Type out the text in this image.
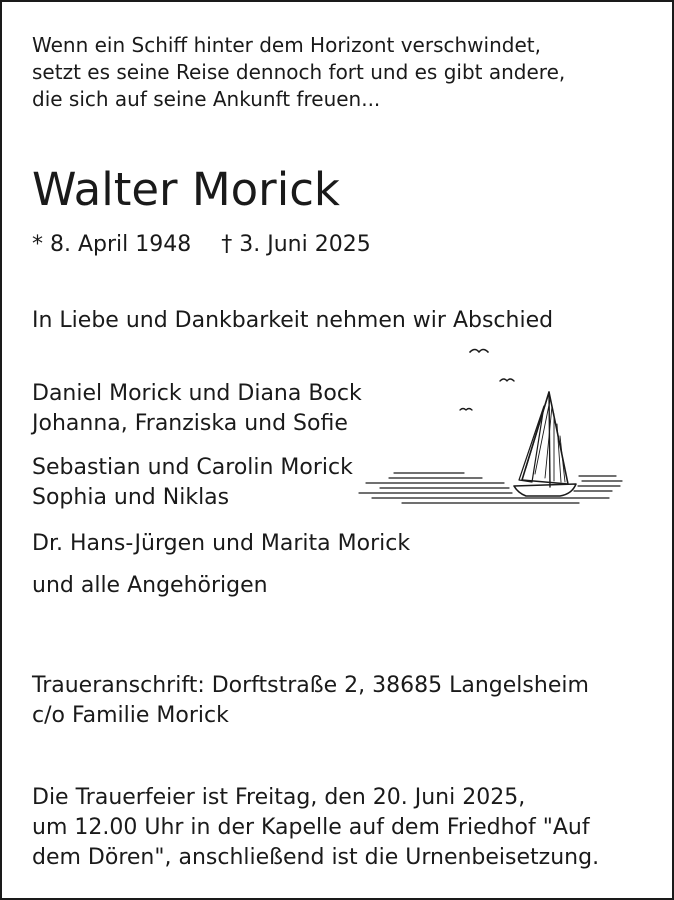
Wenn ein Schiff hinter dem Horizont verschwindet,
setzt es seine Reise dennoch fort und es gibt andere,
die sich auf seine Ankunft freuen...
Walter Morick
* 8. April 1948 † 3. Juni 2025
In Liebe und Dankbarkeit nehmen wir Abschied
Daniel Morick und Diana Bock
Johanna, Franziska und Sofie
Sebastian und Carolin Morick
Sophia und Niklas
Dr. Hans-Jürgen und Marita Morick
und alle Angehörigen
Traueranschrift: Dorftstraße 2, 38685 Langelsheim
c/o Familie Morick
Die Trauerfeier ist Freitag, den 20. Juni 2025,
um 12.00 Uhr in der Kapelle auf dem Friedhof "Auf
dem Dören", anschließend ist die Urnenbeisetzung.
